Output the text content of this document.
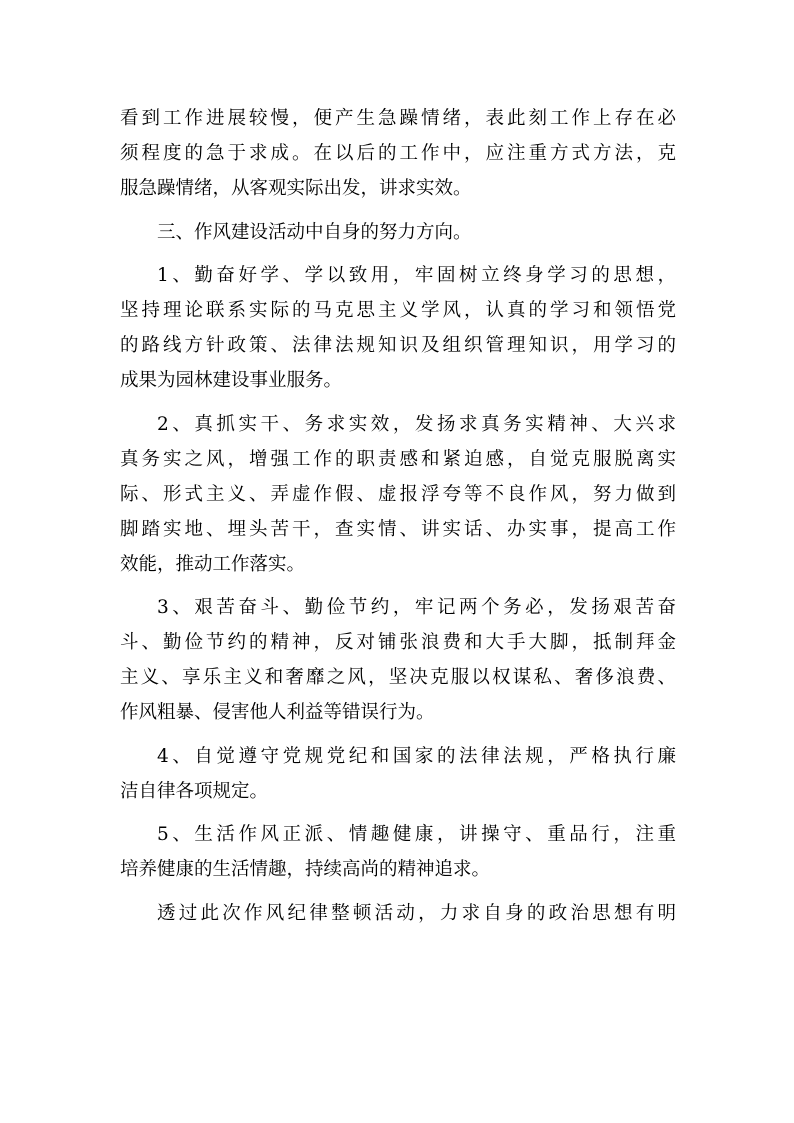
看到工作进展较慢，便产生急躁情绪，表此刻工作上存在必
须程度的急于求成。在以后的工作中，应注重方式方法，克
服急躁情绪，从客观实际出发，讲求实效。
三、作风建设活动中自身的努力方向。
1、勤奋好学、学以致用，牢固树立终身学习的思想，
坚持理论联系实际的马克思主义学风，认真的学习和领悟党
的路线方针政策、法律法规知识及组织管理知识，用学习的
成果为园林建设事业服务。
2、真抓实干、务求实效，发扬求真务实精神、大兴求
真务实之风，增强工作的职责感和紧迫感，自觉克服脱离实
际、形式主义、弄虚作假、虚报浮夸等不良作风，努力做到
脚踏实地、埋头苦干，查实情、讲实话、办实事，提高工作
效能，推动工作落实。
3、艰苦奋斗、勤俭节约，牢记两个务必，发扬艰苦奋
斗、勤俭节约的精神，反对铺张浪费和大手大脚，抵制拜金
主义、享乐主义和奢靡之风，坚决克服以权谋私、奢侈浪费、
作风粗暴、侵害他人利益等错误行为。
4、自觉遵守党规党纪和国家的法律法规，严格执行廉
洁自律各项规定。
5、生活作风正派、情趣健康，讲操守、重品行，注重
培养健康的生活情趣，持续高尚的精神追求。
透过此次作风纪律整顿活动，力求自身的政治思想有明
